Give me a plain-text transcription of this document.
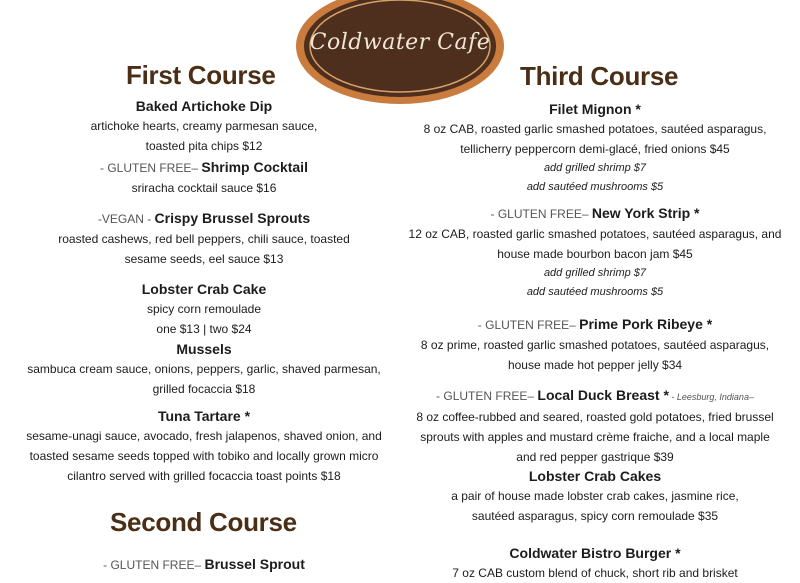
Coldwater Cafe
First Course
Baked Artichoke Dip
artichoke hearts, creamy parmesan sauce,
toasted pita chips $12
- GLUTEN FREE– Shrimp Cocktail
sriracha cocktail sauce $16
-VEGAN - Crispy Brussel Sprouts
roasted cashews, red bell peppers, chili sauce, toasted
sesame seeds, eel sauce $13
Lobster Crab Cake
spicy corn remoulade
one $13 | two $24
Mussels
sambuca cream sauce, onions, peppers, garlic, shaved parmesan,
grilled focaccia $18
Tuna Tartare *
sesame-unagi sauce, avocado, fresh jalapenos, shaved onion, and
toasted sesame seeds topped with tobiko and locally grown micro
cilantro served with grilled focaccia toast points $18
Second Course
- GLUTEN FREE– Brussel Sprout
Third Course
Filet Mignon *
8 oz CAB, roasted garlic smashed potatoes, sautéed asparagus,
tellicherry peppercorn demi-glacé, fried onions $45
add grilled shrimp $7
add sautéed mushrooms $5
- GLUTEN FREE– New York Strip *
12 oz CAB, roasted garlic smashed potatoes, sautéed asparagus, and
house made bourbon bacon jam $45
add grilled shrimp $7
add sautéed mushrooms $5
- GLUTEN FREE– Prime Pork Ribeye *
8 oz prime, roasted garlic smashed potatoes, sautéed asparagus,
house made hot pepper jelly $34
- GLUTEN FREE– Local Duck Breast * - Leesburg, Indiana–
8 oz coffee-rubbed and seared, roasted gold potatoes, fried brussel
sprouts with apples and mustard crème fraiche, and a local maple
and red pepper gastrique $39
Lobster Crab Cakes
a pair of house made lobster crab cakes, jasmine rice,
sautéed asparagus, spicy corn remoulade $35
Coldwater Bistro Burger *
7 oz CAB custom blend of chuck, short rib and brisket
